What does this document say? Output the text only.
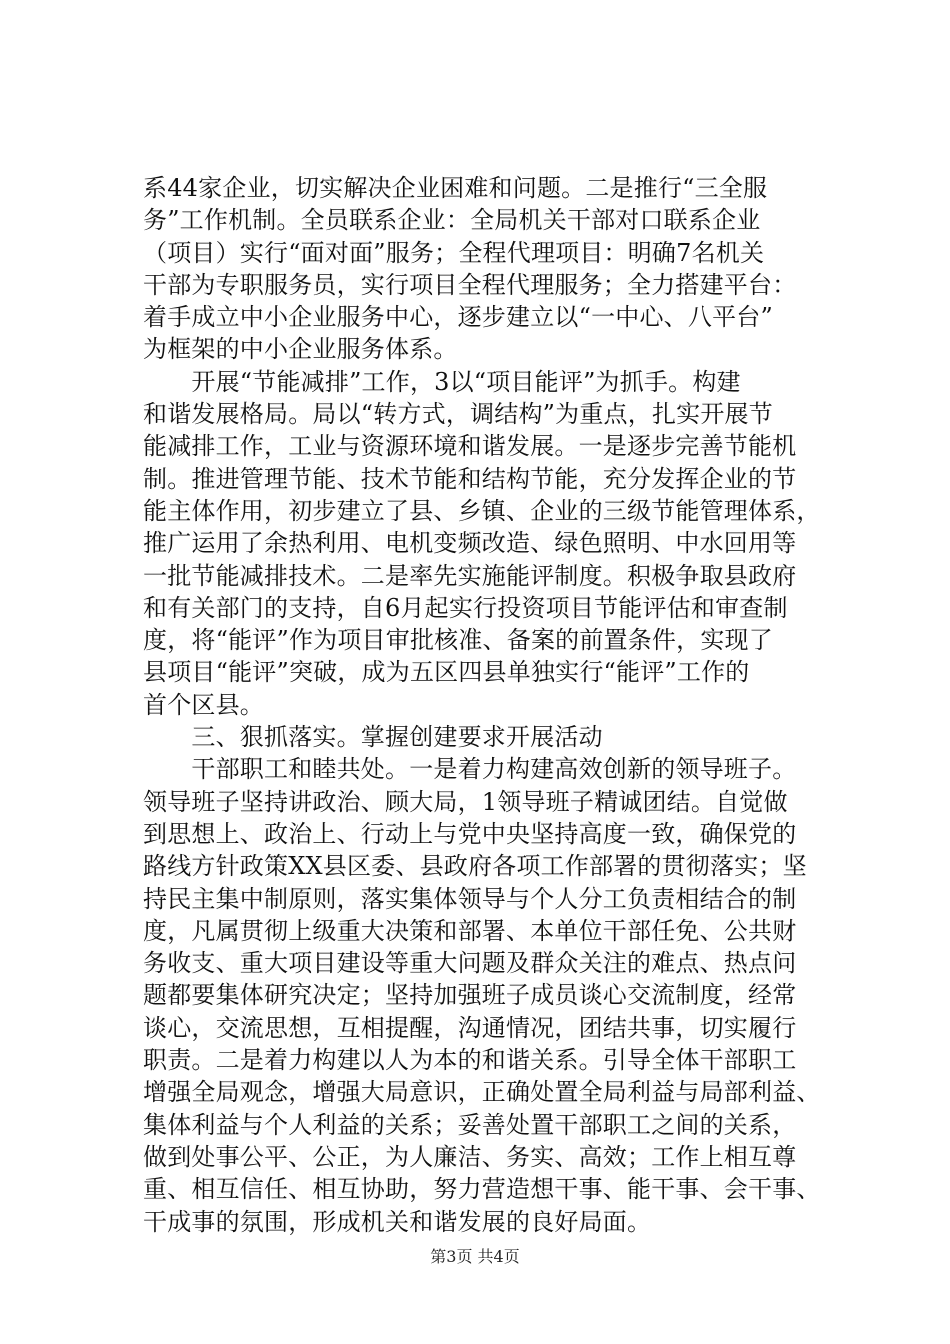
系44家企业，切实解决企业困难和问题。二是推行“三全服
务”工作机制。全员联系企业：全局机关干部对口联系企业
（项目）实行“面对面”服务；全程代理项目：明确7名机关
干部为专职服务员，实行项目全程代理服务；全力搭建平台：
着手成立中小企业服务中心，逐步建立以“一中心、八平台”
为框架的中小企业服务体系。
　　开展“节能减排”工作，3以“项目能评”为抓手。构建
和谐发展格局。局以“转方式，调结构”为重点，扎实开展节
能减排工作，工业与资源环境和谐发展。一是逐步完善节能机
制。推进管理节能、技术节能和结构节能，充分发挥企业的节
能主体作用，初步建立了县、乡镇、企业的三级节能管理体系，
推广运用了余热利用、电机变频改造、绿色照明、中水回用等
一批节能减排技术。二是率先实施能评制度。积极争取县政府
和有关部门的支持，自6月起实行投资项目节能评估和审查制
度，将“能评”作为项目审批核准、备案的前置条件，实现了
县项目“能评”突破，成为五区四县单独实行“能评”工作的
首个区县。
　　三、狠抓落实。掌握创建要求开展活动
　　干部职工和睦共处。一是着力构建高效创新的领导班子。
领导班子坚持讲政治、顾大局，1领导班子精诚团结。自觉做
到思想上、政治上、行动上与党中央坚持高度一致，确保党的
路线方针政策XX县区委、县政府各项工作部署的贯彻落实；坚
持民主集中制原则，落实集体领导与个人分工负责相结合的制
度，凡属贯彻上级重大决策和部署、本单位干部任免、公共财
务收支、重大项目建设等重大问题及群众关注的难点、热点问
题都要集体研究决定；坚持加强班子成员谈心交流制度，经常
谈心，交流思想，互相提醒，沟通情况，团结共事，切实履行
职责。二是着力构建以人为本的和谐关系。引导全体干部职工
增强全局观念，增强大局意识，正确处置全局利益与局部利益、
集体利益与个人利益的关系；妥善处置干部职工之间的关系，
做到处事公平、公正，为人廉洁、务实、高效；工作上相互尊
重、相互信任、相互协助，努力营造想干事、能干事、会干事、
干成事的氛围，形成机关和谐发展的良好局面。
第3页 共4页
